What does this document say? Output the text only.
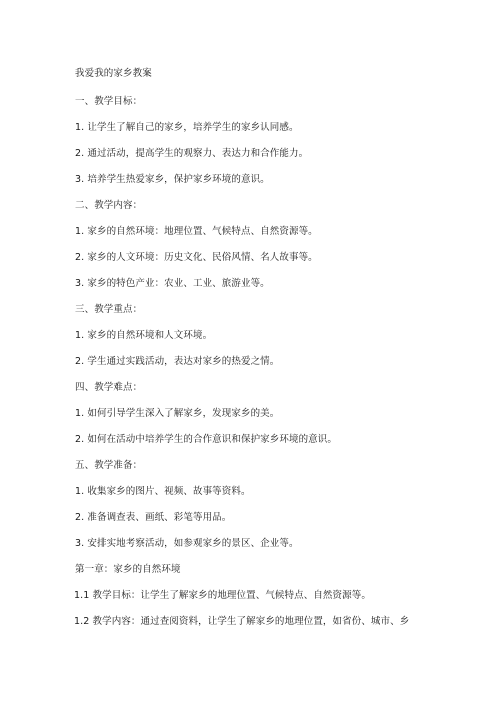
我爱我的家乡教案
一、教学目标：
1. 让学生了解自己的家乡，培养学生的家乡认同感。
2. 通过活动，提高学生的观察力、表达力和合作能力。
3. 培养学生热爱家乡，保护家乡环境的意识。
二、教学内容：
1. 家乡的自然环境：地理位置、气候特点、自然资源等。
2. 家乡的人文环境：历史文化、民俗风情、名人故事等。
3. 家乡的特色产业：农业、工业、旅游业等。
三、教学重点：
1. 家乡的自然环境和人文环境。
2. 学生通过实践活动，表达对家乡的热爱之情。
四、教学难点：
1. 如何引导学生深入了解家乡，发现家乡的美。
2. 如何在活动中培养学生的合作意识和保护家乡环境的意识。
五、教学准备：
1. 收集家乡的图片、视频、故事等资料。
2. 准备调查表、画纸、彩笔等用品。
3. 安排实地考察活动，如参观家乡的景区、企业等。
第一章：家乡的自然环境
1.1 教学目标：让学生了解家乡的地理位置、气候特点、自然资源等。
1.2 教学内容：通过查阅资料，让学生了解家乡的地理位置，如省份、城市、乡
